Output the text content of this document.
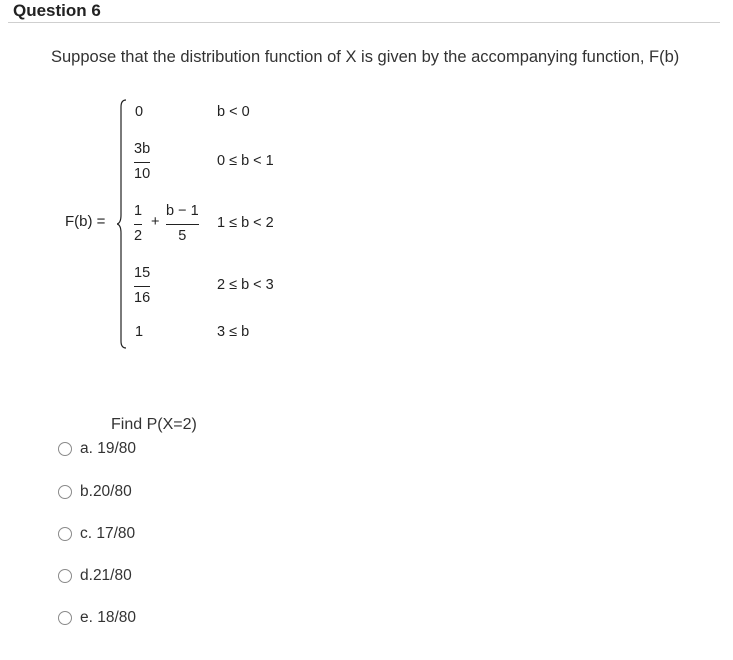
Question 6
Suppose that the distribution function of X is given by the accompanying function, F(b)
F(b) =
0	b < 0
3b
10
0 ≤ b < 1
1
2
+
b − 1
5
1 ≤ b < 2
15
16
2 ≤ b < 3
1	3 ≤ b
Find P(X=2)
a.
19/80
b. 20/80
c.
17/80
d. 21/80
e.
18/80
